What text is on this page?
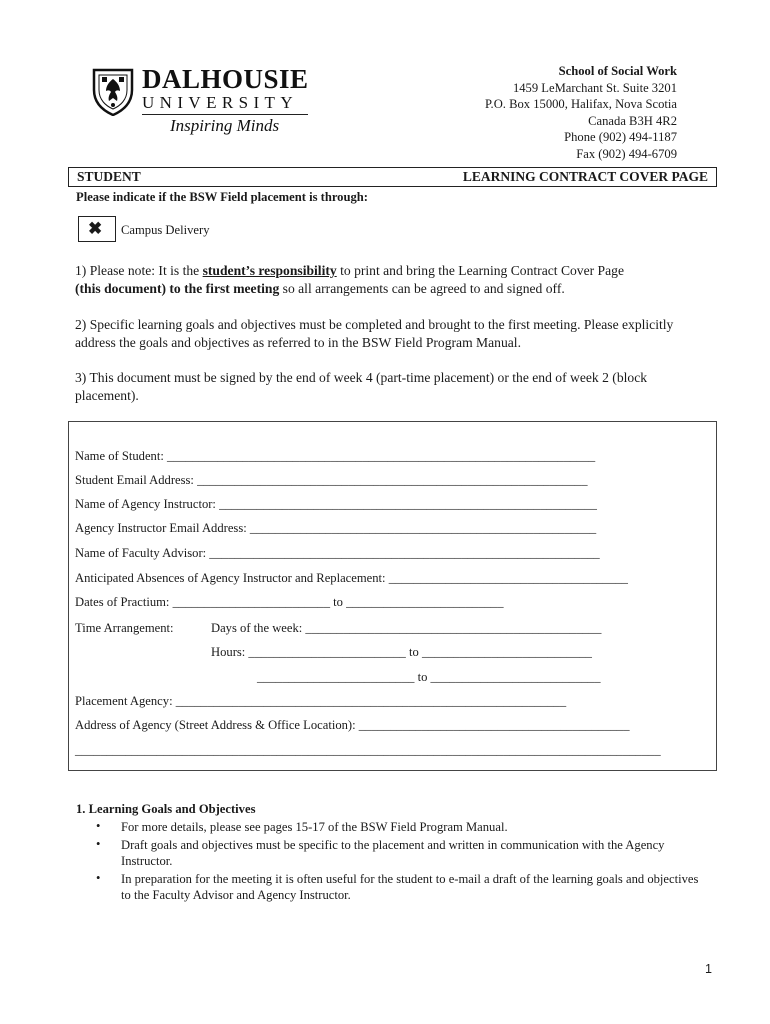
DALHOUSIE
UNIVERSITY
Inspiring Minds
School of Social Work
1459 LeMarchant St. Suite 3201
P.O. Box 15000, Halifax, Nova Scotia
Canada B3H 4R2
Phone (902) 494-1187
Fax (902) 494-6709
STUDENT	LEARNING CONTRACT COVER PAGE
Please indicate if the BSW Field placement is through:
✖ Campus Delivery
1) Please note: It is the student’s responsibility to print and bring the Learning Contract Cover Page
(this document) to the first meeting so all arrangements can be agreed to and signed off.
2) Specific learning goals and objectives must be completed and brought to the first meeting. Please explicitly address the goals and objectives as referred to in the BSW Field Program Manual.
3) This document must be signed by the end of week 4 (part-time placement) or the end of week 2 (block placement).
Name of Student: ____________________________________________________________________
Student Email Address: ______________________________________________________________
Name of Agency Instructor: ____________________________________________________________
Agency Instructor Email Address: _______________________________________________________
Name of Faculty Advisor: ______________________________________________________________
Anticipated Absences of Agency Instructor and Replacement: ______________________________________
Dates of Practium: _________________________ to _________________________
Time Arrangement:	Days of the week: _______________________________________________
Hours: _________________________ to ___________________________
_________________________ to ___________________________
Placement Agency: ______________________________________________________________
Address of Agency (Street Address & Office Location): ___________________________________________
_____________________________________________________________________________________________
1. Learning Goals and Objectives
• For more details, please see pages 15-17 of the BSW Field Program Manual.
• Draft goals and objectives must be specific to the placement and written in communication with the Agency Instructor.
• In preparation for the meeting it is often useful for the student to e-mail a draft of the learning goals and objectives to the Faculty Advisor and Agency Instructor.
1
